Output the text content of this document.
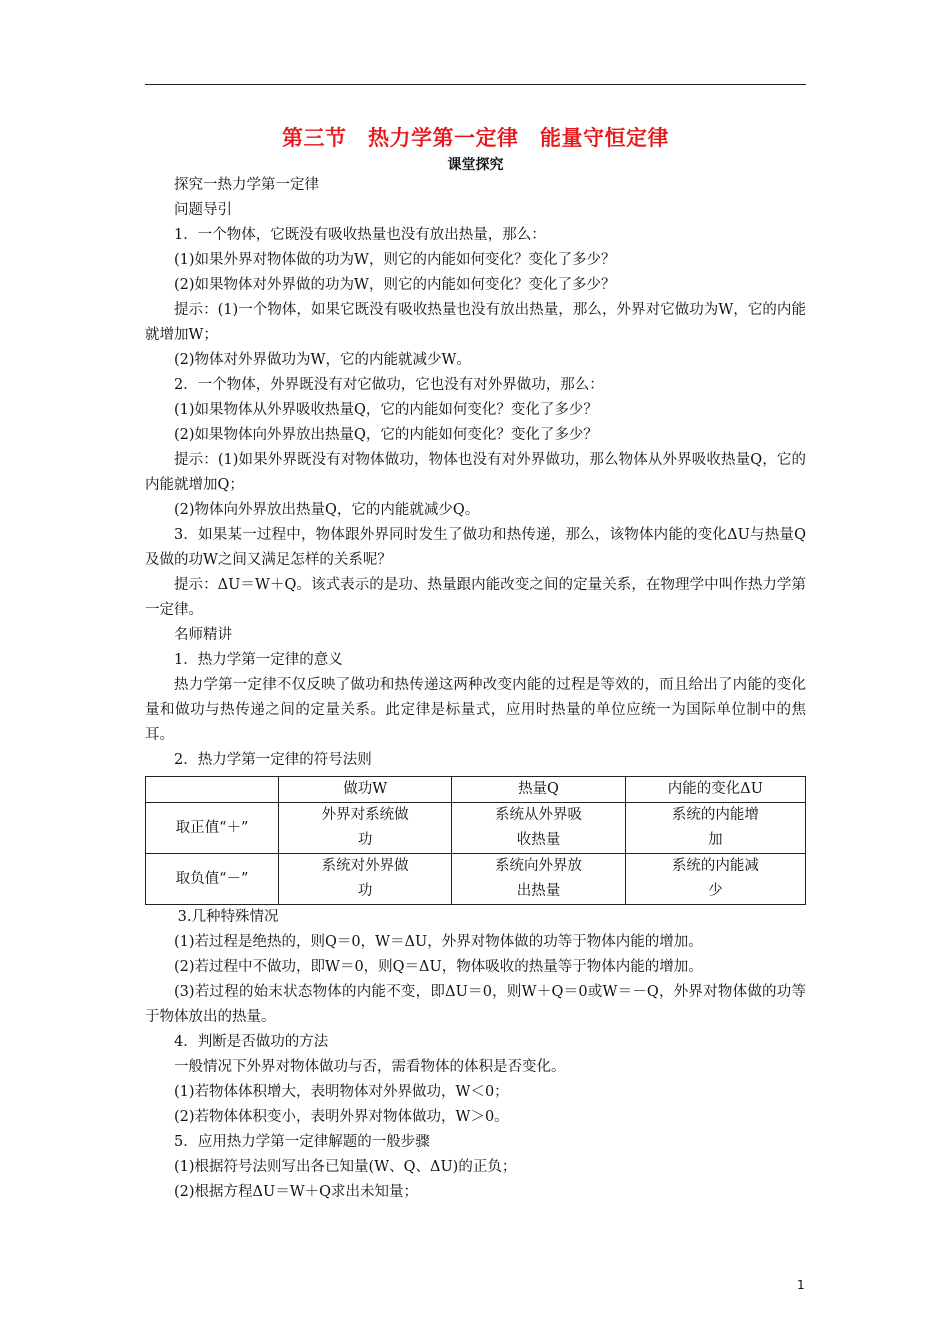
第三节　热力学第一定律　能量守恒定律
课堂探究

探究一热力学第一定律

问题导引

1．一个物体，它既没有吸收热量也没有放出热量，那么：

(1)如果外界对物体做的功为W，则它的内能如何变化？变化了多少？

(2)如果物体对外界做的功为W，则它的内能如何变化？变化了多少？

提示：(1)一个物体，如果它既没有吸收热量也没有放出热量，那么，外界对它做功为W，它的内能就增加W；

(2)物体对外界做功为W，它的内能就减少W。

2．一个物体，外界既没有对它做功，它也没有对外界做功，那么：

(1)如果物体从外界吸收热量Q，它的内能如何变化？变化了多少？

(2)如果物体向外界放出热量Q，它的内能如何变化？变化了多少？

提示：(1)如果外界既没有对物体做功，物体也没有对外界做功，那么物体从外界吸收热量Q，它的内能就增加Q；

(2)物体向外界放出热量Q，它的内能就减少Q。

3．如果某一过程中，物体跟外界同时发生了做功和热传递，那么，该物体内能的变化ΔU与热量Q及做的功W之间又满足怎样的关系呢？

提示：ΔU＝W＋Q。该式表示的是功、热量跟内能改变之间的定量关系，在物理学中叫作热力学第一定律。

名师精讲

1．热力学第一定律的意义

热力学第一定律不仅反映了做功和热传递这两种改变内能的过程是等效的，而且给出了内能的变化量和做功与热传递之间的定量关系。此定律是标量式，应用时热量的单位应统一为国际单位制中的焦耳。

2．热力学第一定律的符号法则

	做功W	热量Q	内能的变化ΔU
取正值“＋”	外界对系统做功	系统从外界吸收热量	系统的内能增加
取负值“－”	系统对外界做功	系统向外界放出热量	系统的内能减少

3.几种特殊情况

(1)若过程是绝热的，则Q＝0，W＝ΔU，外界对物体做的功等于物体内能的增加。

(2)若过程中不做功，即W＝0，则Q＝ΔU，物体吸收的热量等于物体内能的增加。

(3)若过程的始末状态物体的内能不变，即ΔU＝0，则W＋Q＝0或W＝－Q，外界对物体做的功等于物体放出的热量。

4．判断是否做功的方法

一般情况下外界对物体做功与否，需看物体的体积是否变化。

(1)若物体体积增大，表明物体对外界做功，W＜0；

(2)若物体体积变小，表明外界对物体做功，W＞0。

5．应用热力学第一定律解题的一般步骤

(1)根据符号法则写出各已知量(W、Q、ΔU)的正负；

(2)根据方程ΔU＝W＋Q求出未知量；

1
